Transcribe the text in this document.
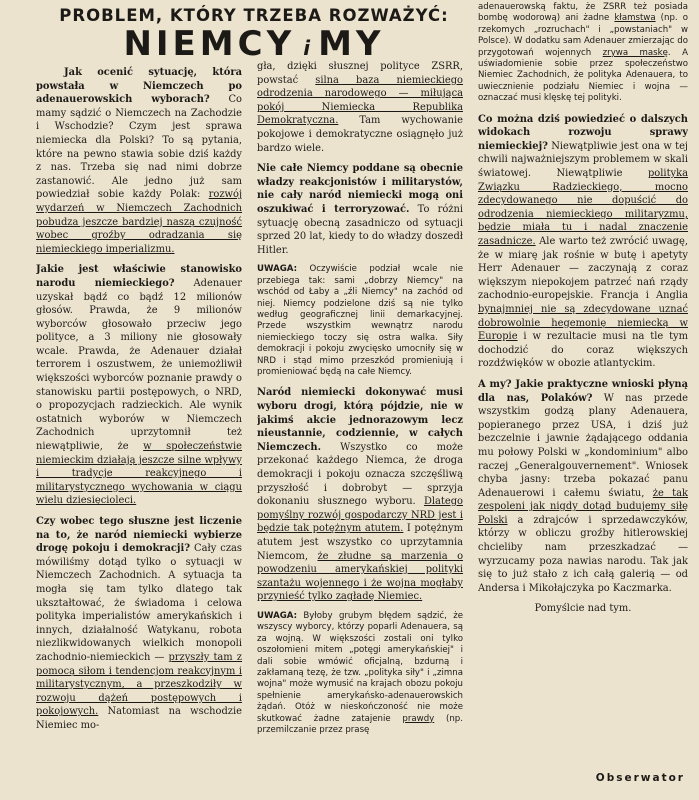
PROBLEM, KTÓRY TRZEBA ROZWAŻYĆ:
NIEMCY i MY

Jak ocenić sytuację, która powstała w Niemczech po adenauerowskich wyborach? Co mamy sądzić o Niemczech na Zachodzie i Wschodzie? Czym jest sprawa niemiecka dla Polski? To są pytania, które na pewno stawia sobie dziś każdy z nas. Trzeba się nad nimi dobrze zastanowić. Ale jedno już sam powiedział sobie każdy Polak: rozwój wydarzeń w Niemczech Zachodnich pobudza jeszcze bardziej naszą czujność wobec groźby odradzania się niemieckiego imperializmu.

Jakie jest właściwie stanowisko narodu niemieckiego? Adenauer uzyskał bądź co bądź 12 milionów głosów. Prawda, że 9 milionów wyborców głosowało przeciw jego polityce, a 3 miliony nie głosowały wcale. Prawda, że Adenauer działał terrorem i oszustwem, że uniemożliwił większości wyborców poznanie prawdy o stanowisku partii postępowych, o NRD, o propozycjach radzieckich. Ale wynik ostatnich wyborów w Niemczech Zachodnich uprzytomnił też niewątpliwie, że w społeczeństwie niemieckim działają jeszcze silne wpływy i tradycje reakcyjnego i militarystycznego wychowania w ciągu wielu dziesięcioleci.

Czy wobec tego słuszne jest liczenie na to, że naród niemiecki wybierze drogę pokoju i demokracji? Cały czas mówiliśmy dotąd tylko o sytuacji w Niemczech Zachodnich. A sytuacja ta mogła się tam tylko dlatego tak ukształtować, że świadoma i celowa polityka imperialistów amerykańskich i innych, działalność Watykanu, robota niezlikwidowanych wielkich monopoli zachodnio-niemieckich — przyszły tam z pomocą siłom i tendencjom reakcyjnym i militarystycznym, a przeszkodziły w rozwoju dążeń postępowych i pokojowych. Natomiast na wschodzie Niemiec mo-

gła, dzięki słusznej polityce ZSRR, powstać silna baza niemieckiego odrodzenia narodowego — miłująca pokój Niemiecka Republika Demokratyczna. Tam wychowanie pokojowe i demokratyczne osiągnęło już bardzo wiele.

Nie całe Niemcy poddane są obecnie władzy reakcjonistów i militarystów, nie cały naród niemiecki mogą oni oszukiwać i terroryzować. To różni sytuację obecną zasadniczo od sytuacji sprzed 20 lat, kiedy to do władzy doszedł Hitler.

UWAGA: Oczywiście podział wcale nie przebiega tak: sami „dobrzy Niemcy" na wschód od Łaby a „źli Niemcy" na zachód od niej. Niemcy podzielone dziś są nie tylko według geograficznej linii demarkacyjnej. Przede wszystkim wewnątrz narodu niemieckiego toczy się ostra walka. Siły demokracji i pokoju zwycięsko umocniły się w NRD i stąd mimo przeszkód promieniują i promieniować będą na całe Niemcy.

Naród niemiecki dokonywać musi wyboru drogi, którą pójdzie, nie w jakimś akcie jednorazowym lecz nieustannie, codziennie, w całych Niemczech. Wszystko co może przekonać każdego Niemca, że droga demokracji i pokoju oznacza szczęśliwą przyszłość i dobrobyt — sprzyja dokonaniu słusznego wyboru. Dlatego pomyślny rozwój gospodarczy NRD jest i będzie tak potężnym atutem. I potężnym atutem jest wszystko co uprzytamnia Niemcom, że złudne są marzenia o powodzeniu amerykańskiej polityki szantażu wojennego i że wojna mogłaby przynieść tylko zagładę Niemiec.

UWAGA: Byłoby grubym błędem sądzić, że wszyscy wyborcy, którzy poparli Adenauera, są za wojną. W większości zostali oni tylko oszołomieni mitem „potęgi amerykańskiej" i dali sobie wmówić oficjalną, bzdurną i zakłamaną tezę, że tzw. „polityka siły" i „zimna wojna" może wymusić na krajach obozu pokoju spełnienie amerykańsko-adenauerowskich żądań. Otóż w nieskończoność nie może skutkować żadne zatajenie prawdy (np. przemilczanie przez prasę

adenauerowską faktu, że ZSRR też posiada bombę wodorową) ani żadne kłamstwa (np. o rzekomych „rozruchach" i „powstaniach" w Polsce). W dodatku sam Adenauer zmierzając do przygotowań wojennych zrywa maskę. A uświadomienie sobie przez społeczeństwo Niemiec Zachodnich, że polityka Adenauera, to uwiecznienie podziału Niemiec i wojna — oznaczać musi klęskę tej polityki.

Co można dziś powiedzieć o dalszych widokach rozwoju sprawy niemieckiej? Niewątpliwie jest ona w tej chwili najważniejszym problemem w skali światowej. Niewątpliwie polityka Związku Radzieckiego, mocno zdecydowanego nie dopuścić do odrodzenia niemieckiego militaryzmu, będzie miała tu i nadal znaczenie zasadnicze. Ale warto też zwrócić uwagę, że w miarę jak rośnie w butę i apetyty Herr Adenauer — zaczynają z coraz większym niepokojem patrzeć nań rządy zachodnio-europejskie. Francja i Anglia bynajmniej nie są zdecydowane uznać dobrowolnie hegemonię niemiecką w Europie i w rezultacie musi na tle tym dochodzić do coraz większych rozdźwięków w obozie atlantyckim.

A my? Jakie praktyczne wnioski płyną dla nas, Polaków? W nas przede wszystkim godzą plany Adenauera, popieranego przez USA, i dziś już bezczelnie i jawnie żądającego oddania mu połowy Polski w „kondominium" albo raczej „Generalgouvernement". Wniosek chyba jasny: trzeba pokazać panu Adenauerowi i całemu światu, że tak zespoleni jak nigdy dotąd budujemy siłę Polski a zdrajców i sprzedawczyków, którzy w obliczu groźby hitlerowskiej chcieliby nam przeszkadzać — wyrzucamy poza nawias narodu. Tak jak się to już stało z ich całą galerią — od Andersa i Mikołajczyka po Kaczmarka.

Pomyślcie nad tym.

Obserwator
